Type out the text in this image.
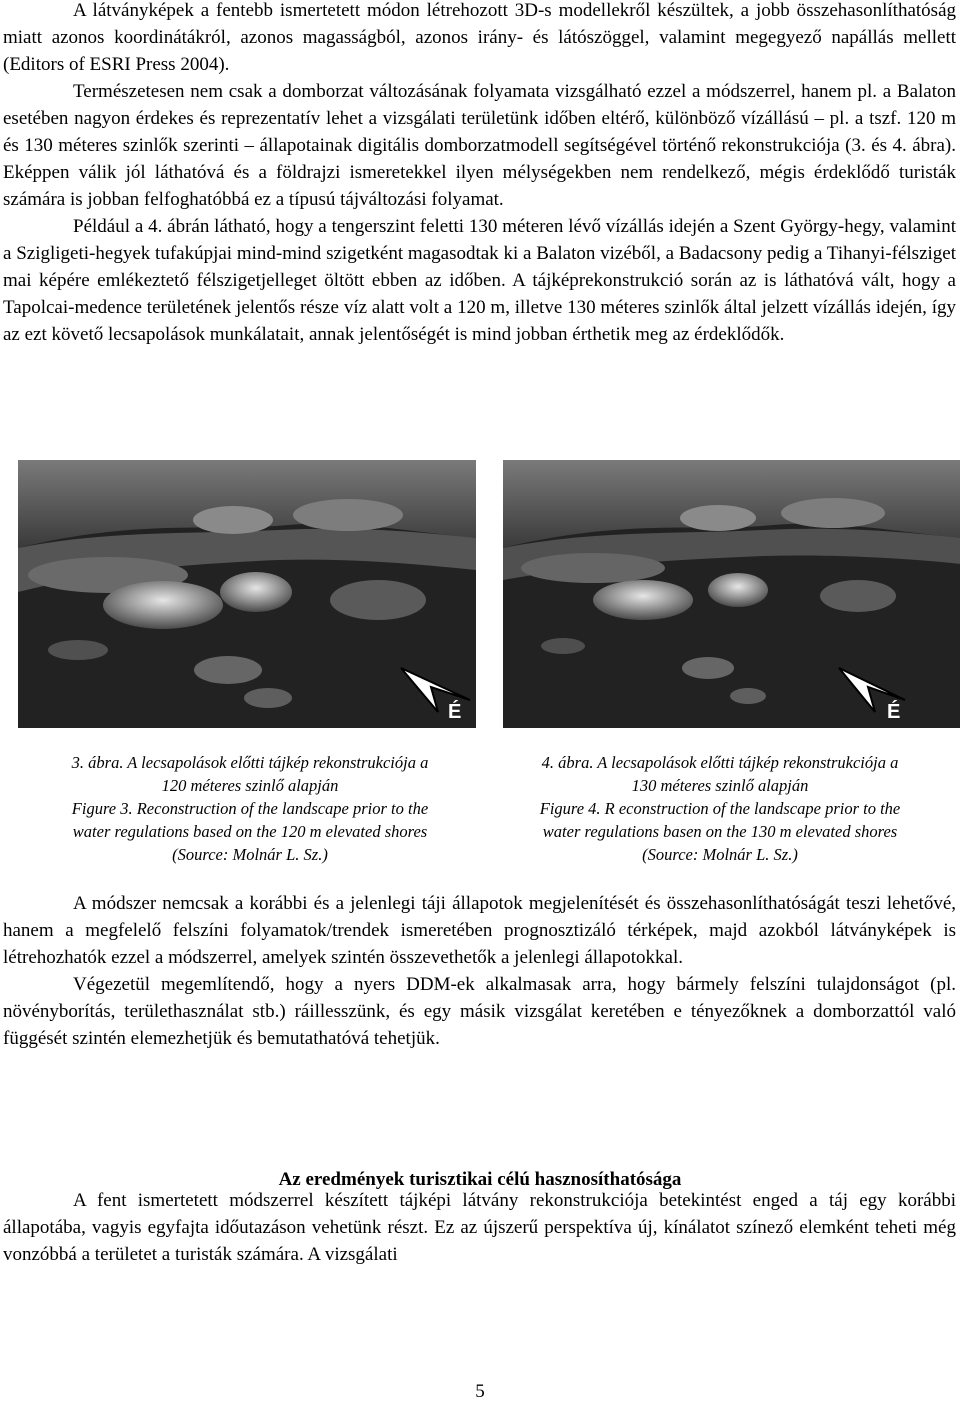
A látványképek a fentebb ismertetett módon létrehozott 3D-s modellekről készültek, a jobb összehasonlíthatóság miatt azonos koordinátákról, azonos magasságból, azonos irány- és látószöggel, valamint megegyező napállás mellett (Editors of ESRI Press 2004).
Természetesen nem csak a domborzat változásának folyamata vizsgálható ezzel a módszerrel, hanem pl. a Balaton esetében nagyon érdekes és reprezentatív lehet a vizsgálati területünk időben eltérő, különböző vízállású – pl. a tszf. 120 m és 130 méteres szinlők szerinti – állapotainak digitális domborzatmodell segítségével történő rekonstrukciója (3. és 4. ábra). Eképpen válik jól láthatóvá és a földrajzi ismeretekkel ilyen mélységekben nem rendelkező, mégis érdeklődő turisták számára is jobban felfoghatóbbá ez a típusú tájváltozási folyamat.
Például a 4. ábrán látható, hogy a tengerszint feletti 130 méteren lévő vízállás idején a Szent György-hegy, valamint a Szigligeti-hegyek tufakúpjai mind-mind szigetként magasodtak ki a Balaton vizéből, a Badacsony pedig a Tihanyi-félsziget mai képére emlékeztető félszigetjelleget öltött ebben az időben. A tájképrekonstrukció során az is láthatóvá vált, hogy a Tapolcai-medence területének jelentős része víz alatt volt a 120 m, illetve 130 méteres szinlők által jelzett vízállás idején, így az ezt követő lecsapolások munkálatait, annak jelentőségét is mind jobban érthetik meg az érdeklődők.
É	É
3. ábra. A lecsapolások előtti tájkép rekonstrukciója a
120 méteres szinlő alapján
Figure 3. Reconstruction of the landscape prior to the
water regulations based on the 120 m elevated shores
(Source: Molnár L. Sz.)
4. ábra. A lecsapolások előtti tájkép rekonstrukciója a
130 méteres szinlő alapján
Figure 4. R econstruction of the landscape prior to the
water regulations basen on the 130 m elevated shores
(Source: Molnár L. Sz.)
A módszer nemcsak a korábbi és a jelenlegi táji állapotok megjelenítését és összehasonlíthatóságát teszi lehetővé, hanem a megfelelő felszíni folyamatok/trendek ismeretében prognosztizáló térképek, majd azokból látványképek is létrehozhatók ezzel a módszerrel, amelyek szintén összevethetők a jelenlegi állapotokkal.
Végezetül megemlítendő, hogy a nyers DDM-ek alkalmasak arra, hogy bármely felszíni tulajdonságot (pl. növényborítás, területhasználat stb.) ráillesszünk, és egy másik vizsgálat keretében e tényezőknek a domborzattól való függését szintén elemezhetjük és bemutathatóvá tehetjük.
Az eredmények turisztikai célú hasznosíthatósága
A fent ismertetett módszerrel készített tájképi látvány rekonstrukciója betekintést enged a táj egy korábbi állapotába, vagyis egyfajta időutazáson vehetünk részt. Ez az újszerű perspektíva új, kínálatot színező elemként teheti még vonzóbbá a területet a turisták számára. A vizsgálati
5
